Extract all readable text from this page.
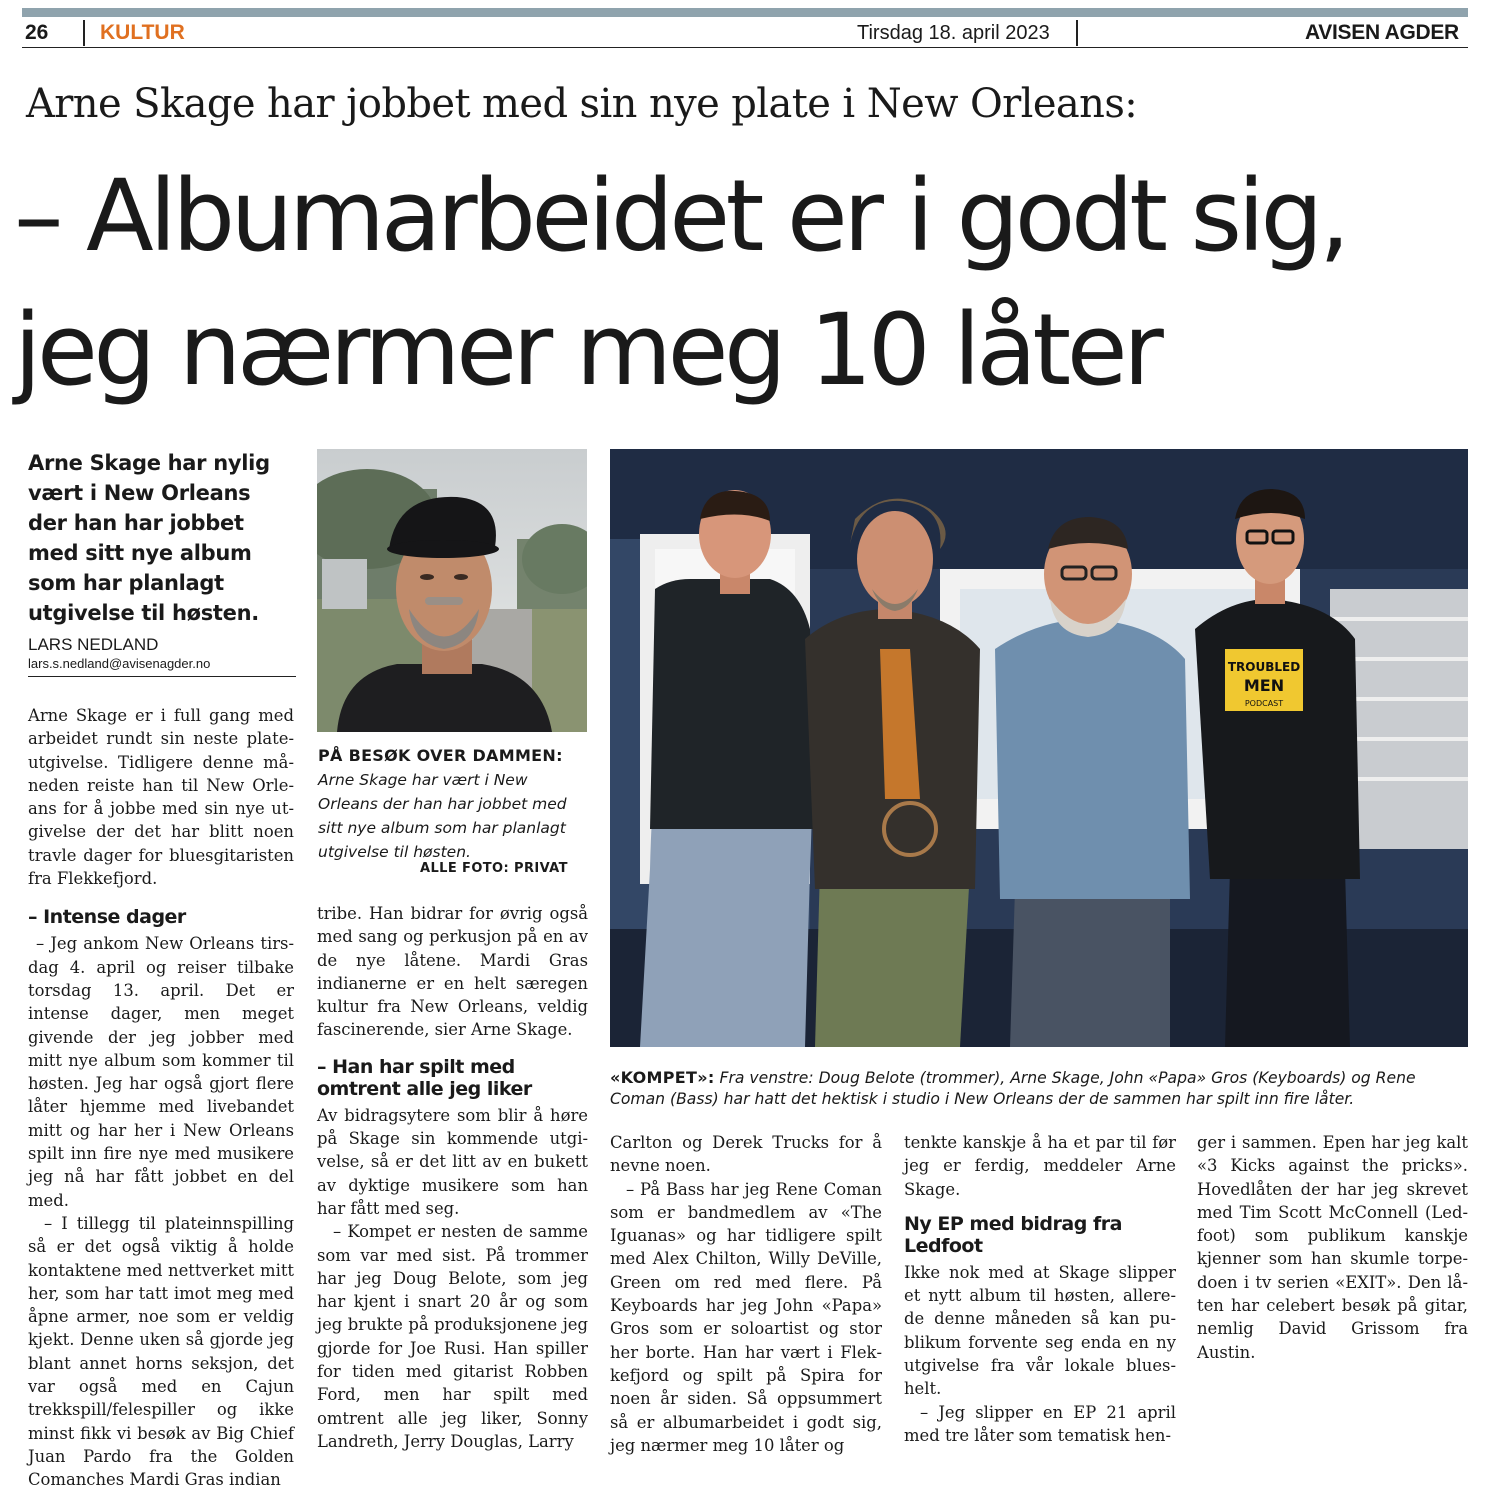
26 KULTUR	Tirsdag 18. april 2023	AVISEN AGDER
Arne Skage har jobbet med sin nye plate i New Orleans:
– Albumarbeidet er i godt sig,
jeg nærmer meg 10 låter
Arne Skage har nylig vært i New Orleans der han har jobbet med sitt nye album som har planlagt utgivelse til høsten.
LARS NEDLAND
lars.s.nedland@avisenagder.no
PÅ BESØK OVER DAMMEN: Arne Skage har vært i New Orleans der han har jobbet med sitt nye album som har planlagt utgivelse til høsten.
ALLE FOTO: PRIVAT
TROUBLED
MEN
PODCAST
«KOMPET»: Fra venstre: Doug Belote (trommer), Arne Skage, John «Papa» Gros (Keyboards) og Rene Coman (Bass) har hatt det hektisk i studio i New Orleans der de sammen har spilt inn fire låter.

Arne Skage er i full gang med arbeidet rundt sin neste plateutgivelse. Tidligere denne måneden reiste han til New Orleans for å jobbe med sin nye utgivelse der det har blitt noen travle dager for bluesgitaristen fra Flekkefjord.

– Intense dager

– Jeg ankom New Orleans tirsdag 4. april og reiser tilbake torsdag 13. april. Det er intense dager, men meget givende der jeg jobber med mitt nye album som kommer til høsten. Jeg har også gjort flere låter hjemme med livebandet mitt og har her i New Orleans spilt inn fire nye med musikere jeg nå har fått jobbet en del med.

– I tillegg til plateinnspilling så er det også viktig å holde kontaktene med nettverket mitt her, som har tatt imot meg med åpne armer, noe som er veldig kjekt. Denne uken så gjorde jeg blant annet horns seksjon, det var også med en Cajun trekkspill/felespiller og ikke minst fikk vi besøk av Big Chief Juan Pardo fra the Golden Comanches Mardi Gras indian

tribe. Han bidrar for øvrig også med sang og perkusjon på en av de nye låtene. Mardi Gras indianerne er en helt særegen kultur fra New Orleans, veldig fascinerende, sier Arne Skage.

– Han har spilt med omtrent alle jeg liker

Av bidragsytere som blir å høre på Skage sin kommende utgivelse, så er det litt av en bukett av dyktige musikere som han har fått med seg.

– Kompet er nesten de samme som var med sist. På trommer har jeg Doug Belote, som jeg har kjent i snart 20 år og som jeg brukte på produksjonene jeg gjorde for Joe Rusi. Han spiller for tiden med gitarist Robben Ford, men har spilt med omtrent alle jeg liker, Sonny Landreth, Jerry Douglas, Larry

Carlton og Derek Trucks for å nevne noen.

– På Bass har jeg Rene Coman som er bandmedlem av «The Iguanas» og har tidligere spilt med Alex Chilton, Willy DeVille, Green om red med flere. På Keyboards har jeg John «Papa» Gros som er soloartist og stor her borte. Han har vært i Flekkefjord og spilt på Spira for noen år siden. Så oppsummert så er albumarbeidet i godt sig, jeg nærmer meg 10 låter og

tenkte kanskje å ha et par til før jeg er ferdig, meddeler Arne Skage.

Ny EP med bidrag fra Ledfoot

Ikke nok med at Skage slipper et nytt album til høsten, allerede denne måneden så kan publikum forvente seg enda en ny utgivelse fra vår lokale blueshelt.

– Jeg slipper en EP 21 april med tre låter som tematisk hen-

ger i sammen. Epen har jeg kalt «3 Kicks against the pricks». Hovedlåten der har jeg skrevet med Tim Scott McConnell (Ledfoot) som publikum kanskje kjenner som han skumle torpedoen i tv serien «EXIT». Den låten har celebert besøk på gitar, nemlig David Grissom fra Austin.
